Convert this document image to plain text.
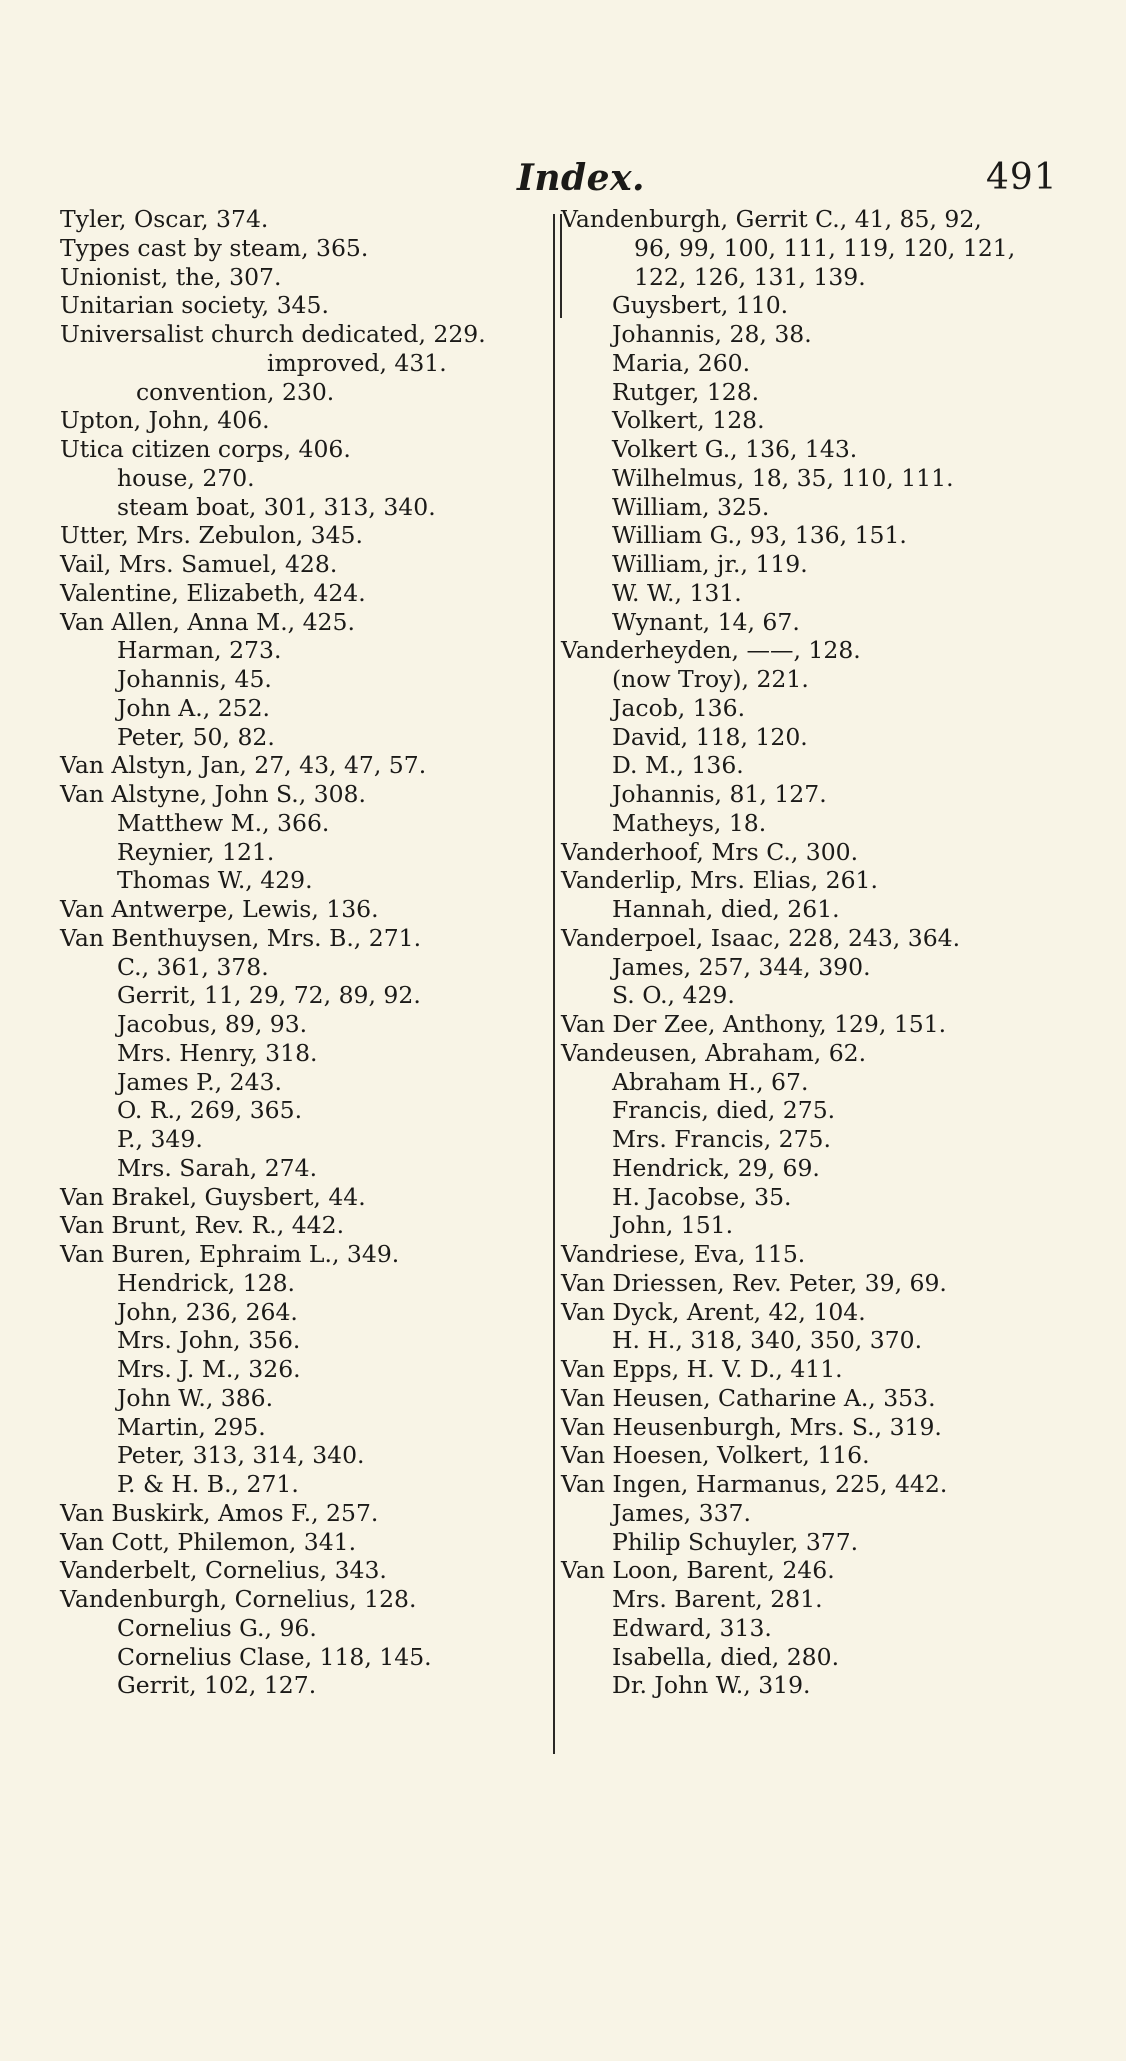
Index.	491
Tyler, Oscar, 374.
Types cast by steam, 365.
Unionist, the, 307.
Unitarian society, 345.
Universalist church dedicated, 229.
improved, 431.
convention, 230.
Upton, John, 406.
Utica citizen corps, 406.
house, 270.
steam boat, 301, 313, 340.
Utter, Mrs. Zebulon, 345.
Vail, Mrs. Samuel, 428.
Valentine, Elizabeth, 424.
Van Allen, Anna M., 425.
Harman, 273.
Johannis, 45.
John A., 252.
Peter, 50, 82.
Van Alstyn, Jan, 27, 43, 47, 57.
Van Alstyne, John S., 308.
Matthew M., 366.
Reynier, 121.
Thomas W., 429.
Van Antwerpe, Lewis, 136.
Van Benthuysen, Mrs. B., 271.
C., 361, 378.
Gerrit, 11, 29, 72, 89, 92.
Jacobus, 89, 93.
Mrs. Henry, 318.
James P., 243.
O. R., 269, 365.
P., 349.
Mrs. Sarah, 274.
Van Brakel, Guysbert, 44.
Van Brunt, Rev. R., 442.
Van Buren, Ephraim L., 349.
Hendrick, 128.
John, 236, 264.
Mrs. John, 356.
Mrs. J. M., 326.
John W., 386.
Martin, 295.
Peter, 313, 314, 340.
P. & H. B., 271.
Van Buskirk, Amos F., 257.
Van Cott, Philemon, 341.
Vanderbelt, Cornelius, 343.
Vandenburgh, Cornelius, 128.
Cornelius G., 96.
Cornelius Clase, 118, 145.
Gerrit, 102, 127.
Vandenburgh, Gerrit C., 41, 85, 92,
96, 99, 100, 111, 119, 120, 121,
122, 126, 131, 139.
Guysbert, 110.
Johannis, 28, 38.
Maria, 260.
Rutger, 128.
Volkert, 128.
Volkert G., 136, 143.
Wilhelmus, 18, 35, 110, 111.
William, 325.
William G., 93, 136, 151.
William, jr., 119.
W. W., 131.
Wynant, 14, 67.
Vanderheyden, ——, 128.
(now Troy), 221.
Jacob, 136.
David, 118, 120.
D. M., 136.
Johannis, 81, 127.
Matheys, 18.
Vanderhoof, Mrs C., 300.
Vanderlip, Mrs. Elias, 261.
Hannah, died, 261.
Vanderpoel, Isaac, 228, 243, 364.
James, 257, 344, 390.
S. O., 429.
Van Der Zee, Anthony, 129, 151.
Vandeusen, Abraham, 62.
Abraham H., 67.
Francis, died, 275.
Mrs. Francis, 275.
Hendrick, 29, 69.
H. Jacobse, 35.
John, 151.
Vandriese, Eva, 115.
Van Driessen, Rev. Peter, 39, 69.
Van Dyck, Arent, 42, 104.
H. H., 318, 340, 350, 370.
Van Epps, H. V. D., 411.
Van Heusen, Catharine A., 353.
Van Heusenburgh, Mrs. S., 319.
Van Hoesen, Volkert, 116.
Van Ingen, Harmanus, 225, 442.
James, 337.
Philip Schuyler, 377.
Van Loon, Barent, 246.
Mrs. Barent, 281.
Edward, 313.
Isabella, died, 280.
Dr. John W., 319.
